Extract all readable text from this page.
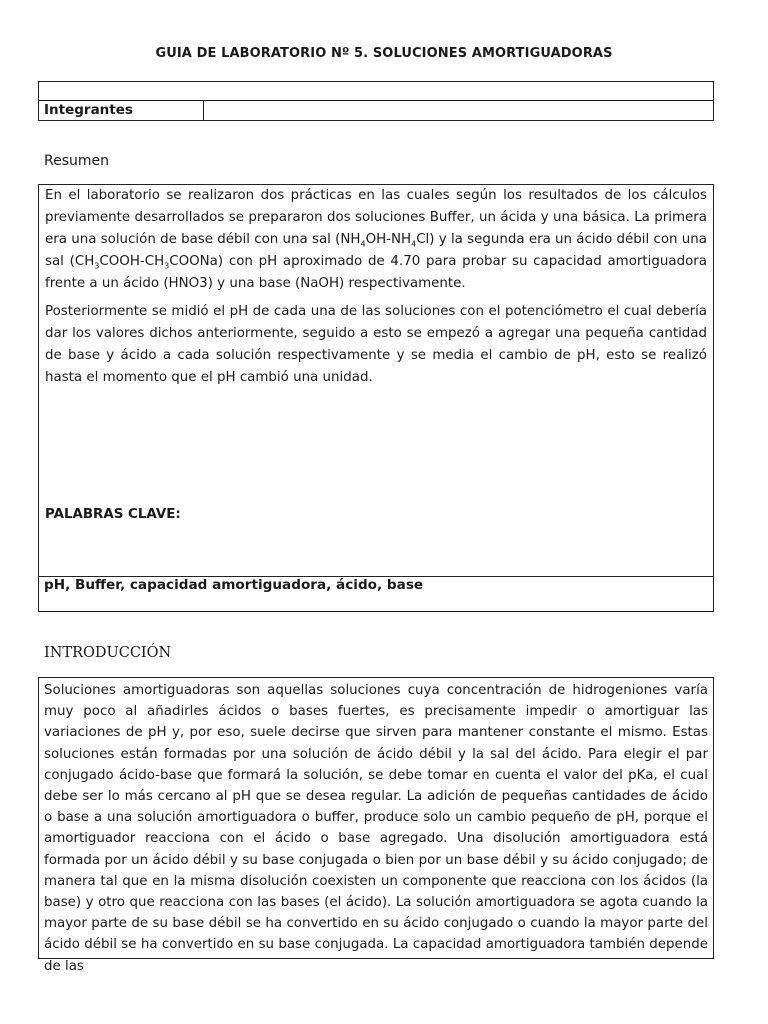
GUIA DE LABORATORIO Nº 5. SOLUCIONES AMORTIGUADORAS
Integrantes
Resumen

En el laboratorio se realizaron dos prácticas en las cuales según los resultados de los cálculos previamente desarrollados se prepararon dos soluciones Buffer, un ácida y una básica. La primera era una solución de base débil con una sal $(NH_4OH-NH_4Cl)$ y la segunda era un ácido débil con una sal $(CH_3COOH-CH_3COONa)$ con pH aproximado de 4.70 para probar su capacidad amortiguadora frente a un ácido (HNO3) y una base (NaOH) respectivamente.

Posteriormente se midió el pH de cada una de las soluciones con el potenciómetro el cual debería dar los valores dichos anteriormente, seguido a esto se empezó a agregar una pequeña cantidad de base y ácido a cada solución respectivamente y se media el cambio de pH, esto se realizó hasta el momento que el pH cambió una unidad.

PALABRAS CLAVE:
pH, Buffer, capacidad amortiguadora, ácido, base
INTRODUCCIÓN

Soluciones amortiguadoras son aquellas soluciones cuya concentración de hidrogeniones varía muy poco al añadirles ácidos o bases fuertes, es precisamente impedir o amortiguar las variaciones de pH y, por eso, suele decirse que sirven para mantener constante el mismo. Estas soluciones están formadas por una solución de ácido débil y la sal del ácido. Para elegir el par conjugado ácido-base que formará la solución, se debe tomar en cuenta el valor del pKa, el cual debe ser lo más cercano al pH que se desea regular. La adición de pequeñas cantidades de ácido o base a una solución amortiguadora o buffer, produce solo un cambio pequeño de pH, porque el amortiguador reacciona con el ácido o base agregado. Una disolución amortiguadora está formada por un ácido débil y su base conjugada o bien por un base débil y su ácido conjugado; de manera tal que en la misma disolución coexisten un componente que reacciona con los ácidos (la base) y otro que reacciona con las bases (el ácido). La solución amortiguadora se agota cuando la mayor parte de su base débil se ha convertido en su ácido conjugado o cuando la mayor parte del ácido débil se ha convertido en su base conjugada. La capacidad amortiguadora también depende de las
